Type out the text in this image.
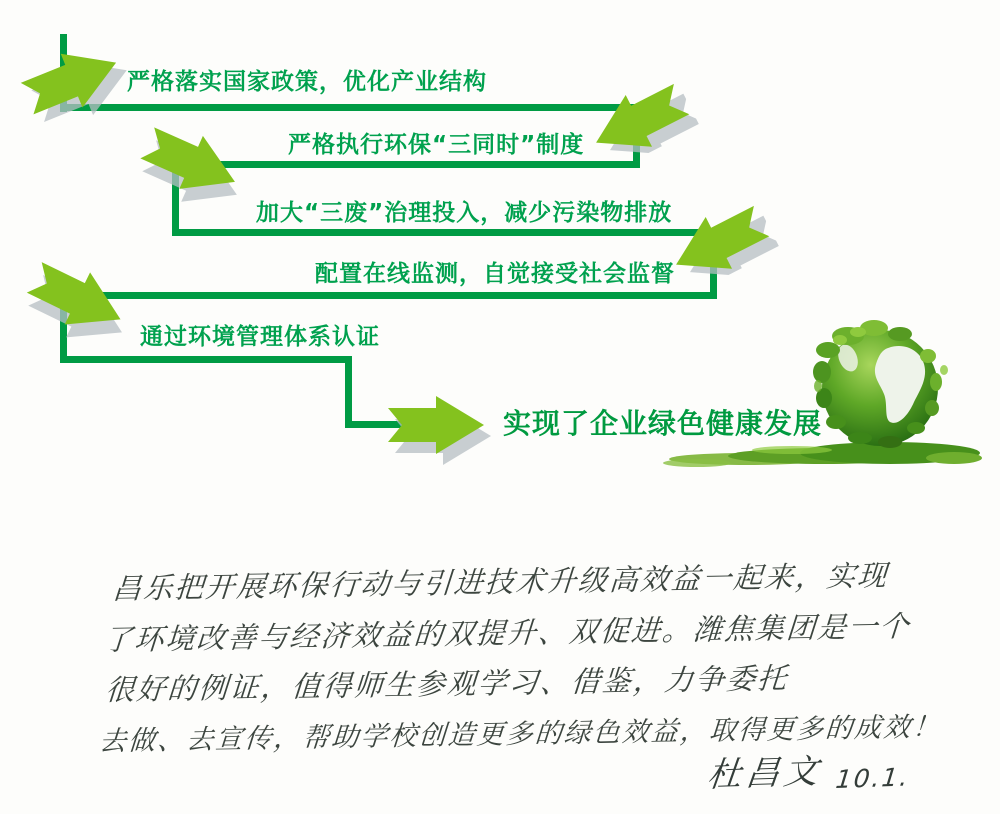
严格落实国家政策，优化产业结构
严格执行环保“三同时”制度
加大“三废”治理投入，减少污染物排放
配置在线监测，自觉接受社会监督
通过环境管理体系认证
实现了企业绿色健康发展
昌乐把开展环保行动与引进技术升级高效益一起来，实现
了环境改善与经济效益的双提升、双促进。潍焦集团是一个
很好的例证，值得师生参观学习、借鉴，力争委托
去做、去宣传，帮助学校创造更多的绿色效益，取得更多的成效！
杜昌文 10.1.
